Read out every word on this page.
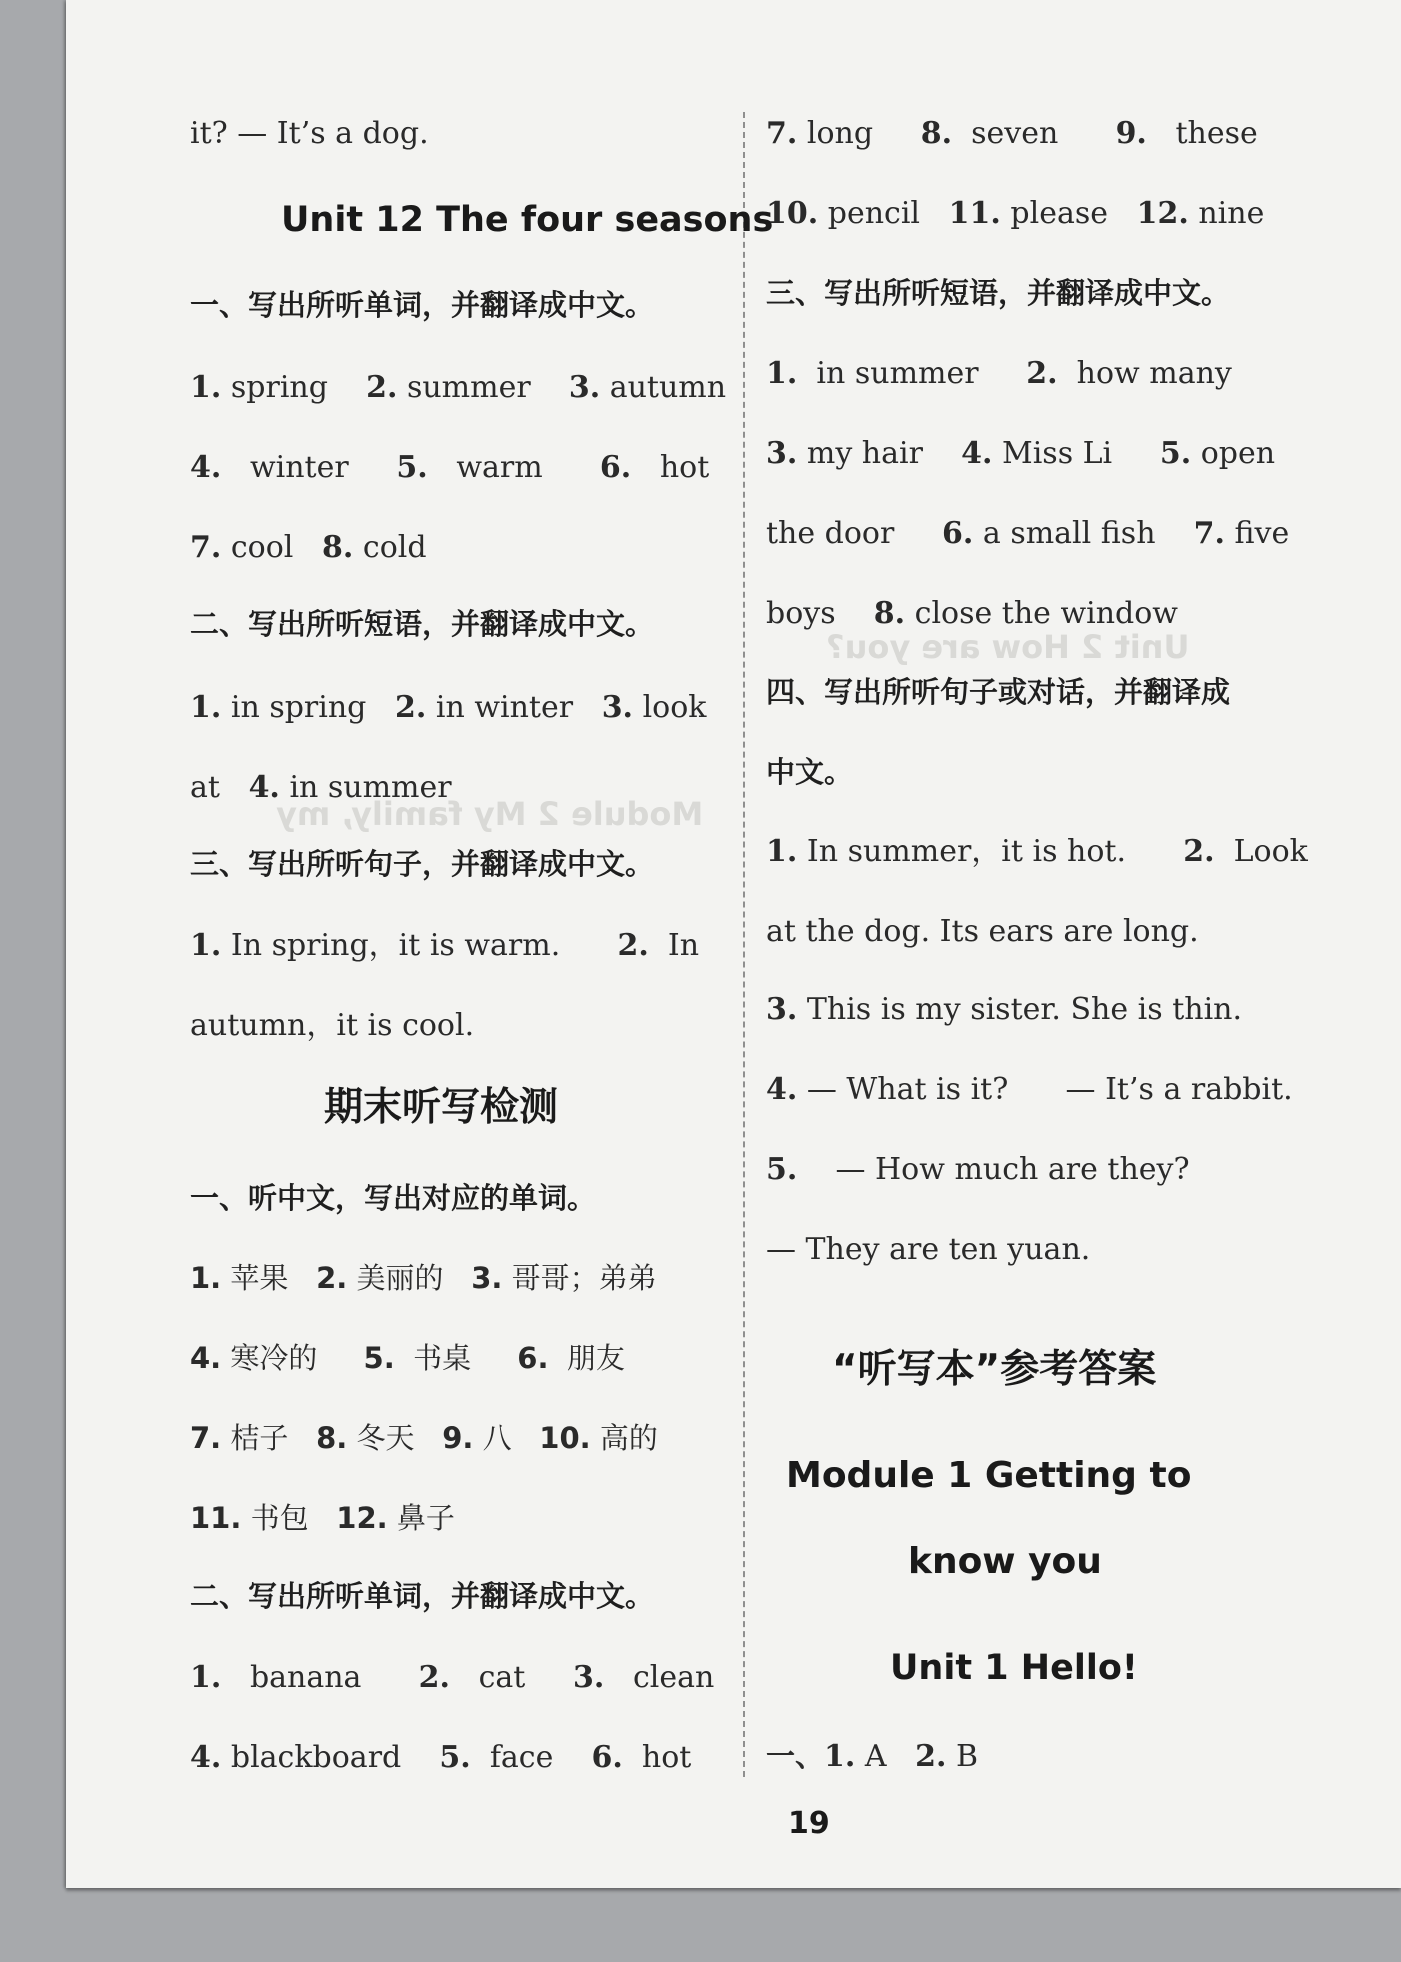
Module 2 My family, my
Unit 2 How are you?
it? — It’s a dog.
Unit 12 The four seasons
一、写出所听单词，并翻译成中文。
1. spring 2. summer 3. autumn
4. winter 5. warm 6. hot
7. cool 8. cold
二、写出所听短语，并翻译成中文。
1. in spring 2. in winter 3. look
at 4. in summer
三、写出所听句子，并翻译成中文。
1. In spring，it is warm. 2. In
autumn，it is cool.
期末听写检测
一、听中文，写出对应的单词。
1. 苹果 2. 美丽的 3. 哥哥；弟弟
4. 寒冷的 5. 书桌 6. 朋友
7. 桔子 8. 冬天 9. 八 10. 高的
11. 书包 12. 鼻子
二、写出所听单词，并翻译成中文。
1. banana 2. cat 3. clean
4. blackboard 5. face 6. hot
7. long 8. seven 9. these
10. pencil 11. please 12. nine
三、写出所听短语，并翻译成中文。
1. in summer 2. how many
3. my hair 4. Miss Li 5. open
the door 6. a small fish 7. five
boys 8. close the window
四、写出所听句子或对话，并翻译成
中文。
1. In summer，it is hot. 2. Look
at the dog. Its ears are long.
3. This is my sister. She is thin.
4. — What is it? — It’s a rabbit.
5. — How much are they?
— They are ten yuan.
“听写本”参考答案
Module 1 Getting to
know you
Unit 1 Hello!
一、1. A 2. B
19
